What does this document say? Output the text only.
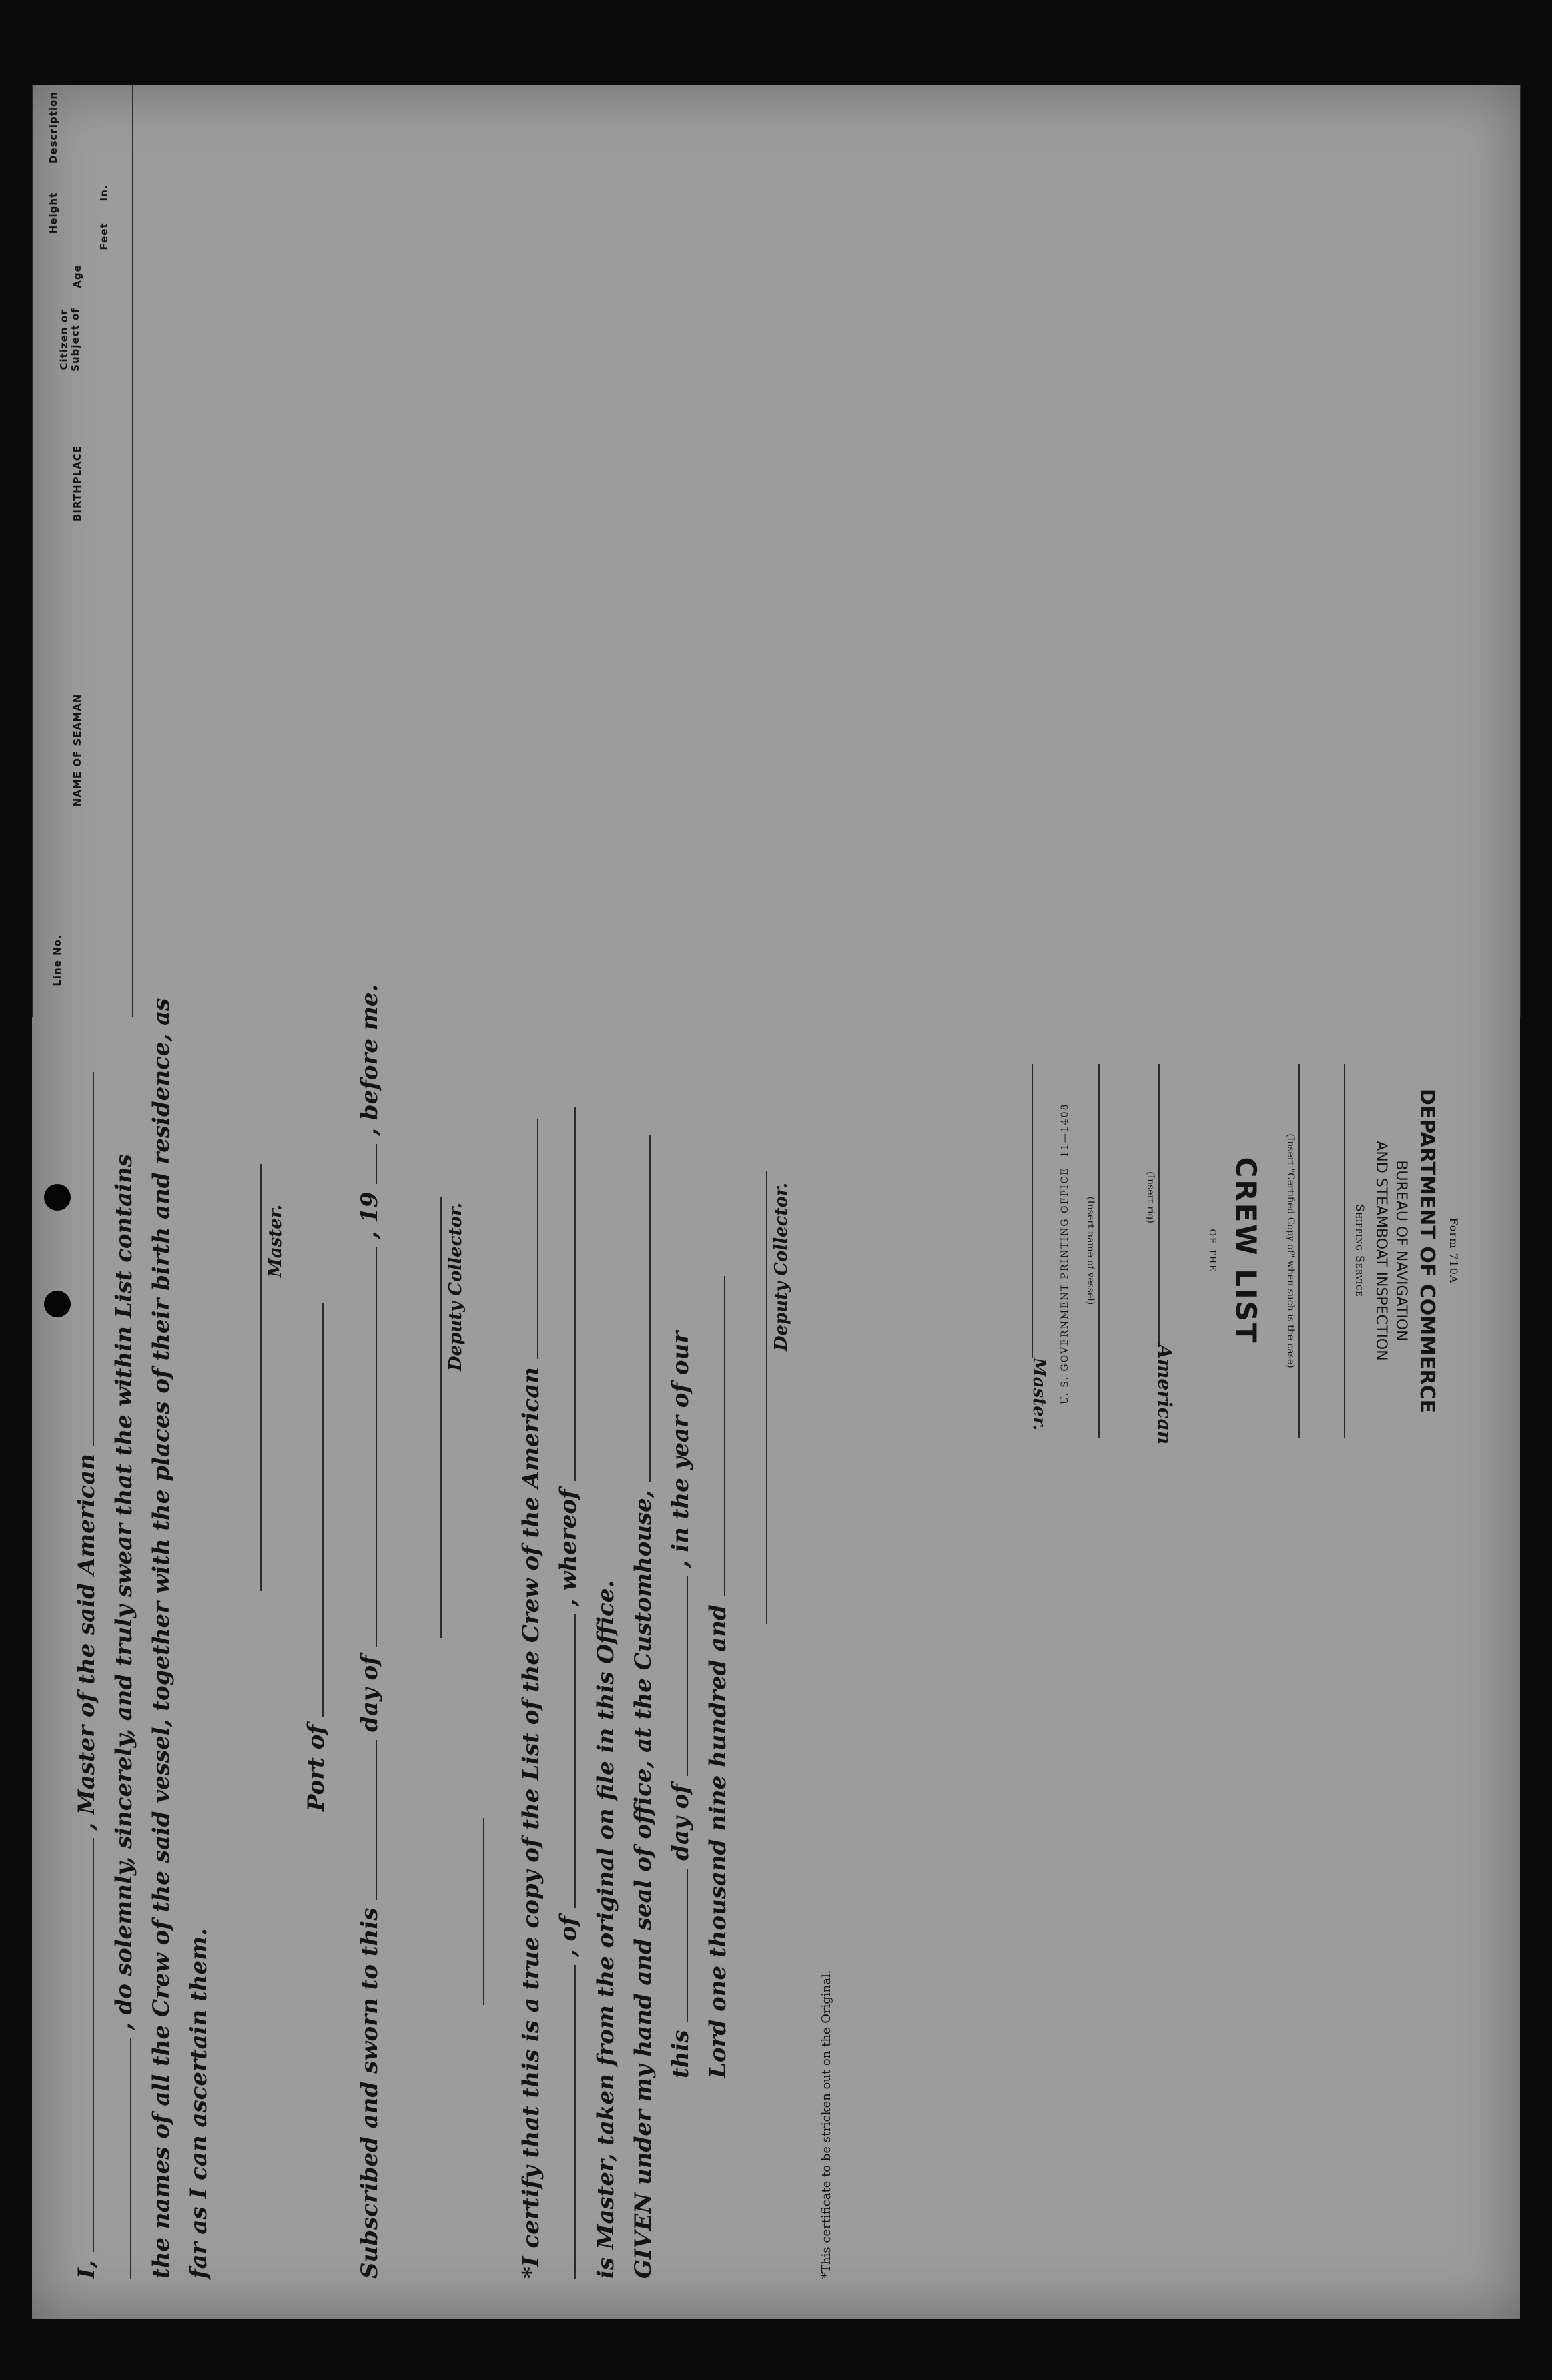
I,  , Master of the said American , do solemnly, sincerely, and truly swear that the within List contains the names of all the Crew of the said vessel, together with the places of their birth and residence, as far as I can ascertain them.
Master.
Port of
Subscribed and sworn to this  day of  , 19  , before me.
Deputy Collector.
*I certify that this is a true copy of the List of the Crew of the American , of  , whereof
is Master, taken from the original on file in this Office. GIVEN under my hand and seal of office, at the Customhouse, this  day of  , in the year of our
Lord one thousand nine hundred and
Deputy Collector.
*This certificate to be stricken out on the Original.
U. S. GOVERNMENT PRINTING OFFICE
11—1408
Form 710A
DEPARTMENT OF COMMERCE
BUREAU OF NAVIGATION
AND STEAMBOAT INSPECTION
Shipping Service
(Insert "Certified Copy of" when such is the case)
CREW LIST
OF THE
American
(Insert rig)
(Insert name of vessel)
Master.
Line No.
NAME OF SEAMAN
BIRTHPLACE
Citizen or Subject of
Age
Height
Feet
In.
Description
